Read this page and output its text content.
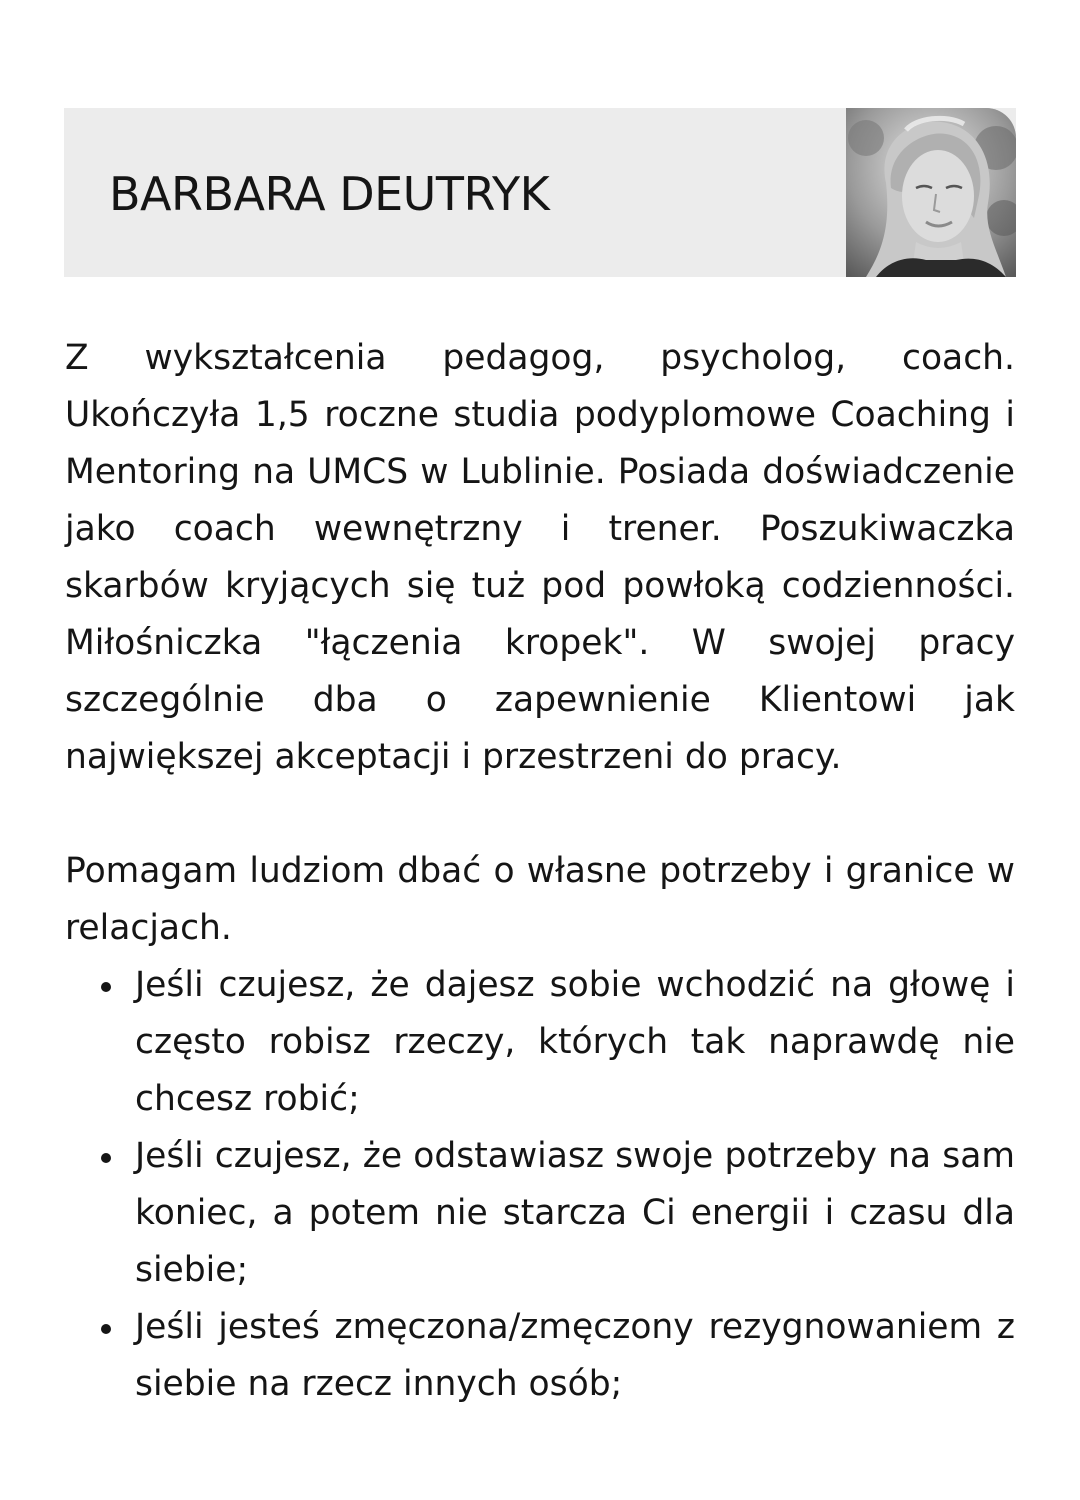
BARBARA DEUTRYK

Z wykształcenia pedagog, psycholog, coach. Ukończyła 1,5 roczne studia podyplomowe Coaching i Mentoring na UMCS w Lublinie. Posiada doświadczenie jako coach wewnętrzny i trener. Poszukiwaczka skarbów kryjących się tuż pod powłoką codzienności. Miłośniczka "łączenia kropek". W swojej pracy szczególnie dba o zapewnienie Klientowi jak największej akceptacji i przestrzeni do pracy.

Pomagam ludziom dbać o własne potrzeby i granice w relacjach.

Jeśli czujesz, że dajesz sobie wchodzić na głowę i często robisz rzeczy, których tak naprawdę nie chcesz robić;
Jeśli czujesz, że odstawiasz swoje potrzeby na sam koniec, a potem nie starcza Ci energii i czasu dla siebie;
Jeśli jesteś zmęczona/zmęczony rezygnowaniem z siebie na rzecz innych osób;
